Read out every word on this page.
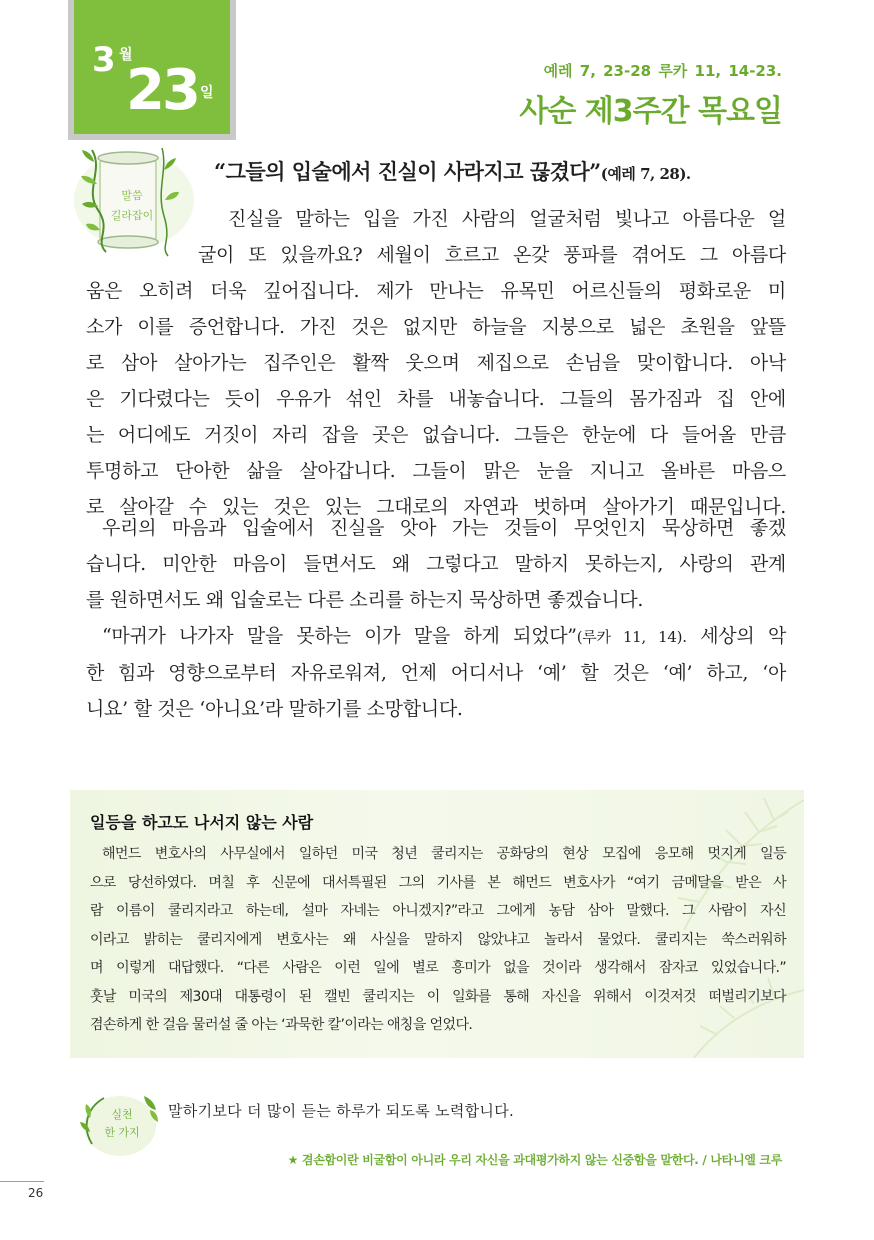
3 월
23 일
예레 7, 23-28 루카 11, 14-23.
사순 제3주간 목요일
말씀
길라잡이
“그들의 입술에서 진실이 사라지고 끊겼다”(예레 7, 28).
진실을 말하는 입을 가진 사람의 얼굴처럼 빛나고 아름다운 얼
굴이 또 있을까요? 세월이 흐르고 온갖 풍파를 겪어도 그 아름다
움은 오히려 더욱 깊어집니다. 제가 만나는 유목민 어르신들의 평화로운 미
소가 이를 증언합니다. 가진 것은 없지만 하늘을 지붕으로 넓은 초원을 앞뜰
로 삼아 살아가는 집주인은 활짝 웃으며 제집으로 손님을 맞이합니다. 아낙
은 기다렸다는 듯이 우유가 섞인 차를 내놓습니다. 그들의 몸가짐과 집 안에
는 어디에도 거짓이 자리 잡을 곳은 없습니다. 그들은 한눈에 다 들어올 만큼
투명하고 단아한 삶을 살아갑니다. 그들이 맑은 눈을 지니고 올바른 마음으
로 살아갈 수 있는 것은 있는 그대로의 자연과 벗하며 살아가기 때문입니다.
우리의 마음과 입술에서 진실을 앗아 가는 것들이 무엇인지 묵상하면 좋겠
습니다. 미안한 마음이 들면서도 왜 그렇다고 말하지 못하는지, 사랑의 관계
를 원하면서도 왜 입술로는 다른 소리를 하는지 묵상하면 좋겠습니다.
“마귀가 나가자 말을 못하는 이가 말을 하게 되었다”(루카 11, 14). 세상의 악
한 힘과 영향으로부터 자유로워져, 언제 어디서나 ‘예’ 할 것은 ‘예’ 하고, ‘아
니요’ 할 것은 ‘아니요’라 말하기를 소망합니다.
일등을 하고도 나서지 않는 사람
해먼드 변호사의 사무실에서 일하던 미국 청년 쿨리지는 공화당의 현상 모집에 응모해 멋지게 일등
으로 당선하였다. 며칠 후 신문에 대서특필된 그의 기사를 본 해먼드 변호사가 “여기 금메달을 받은 사
람 이름이 쿨리지라고 하는데, 설마 자네는 아니겠지?”라고 그에게 농담 삼아 말했다. 그 사람이 자신
이라고 밝히는 쿨리지에게 변호사는 왜 사실을 말하지 않았냐고 놀라서 물었다. 쿨리지는 쑥스러워하
며 이렇게 대답했다. “다른 사람은 이런 일에 별로 흥미가 없을 것이라 생각해서 잠자코 있었습니다.”
훗날 미국의 제30대 대통령이 된 캘빈 쿨리지는 이 일화를 통해 자신을 위해서 이것저것 떠벌리기보다
겸손하게 한 걸음 물러설 줄 아는 ‘과묵한 칼’이라는 애칭을 얻었다.
실천
한 가지
말하기보다 더 많이 듣는 하루가 되도록 노력합니다.
★ 겸손함이란 비굴함이 아니라 우리 자신을 과대평가하지 않는 신중함을 말한다. / 나타니엘 크루
26
